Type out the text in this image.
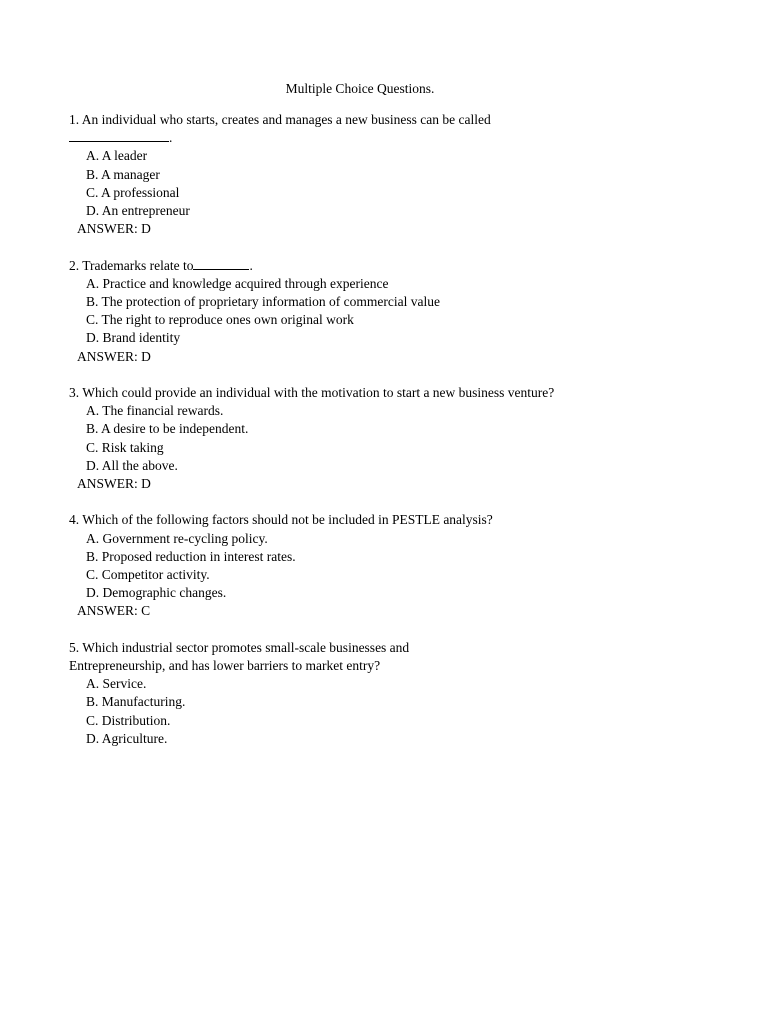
Multiple Choice Questions.
1. An individual who starts, creates and manages a new business can be called
.
A. A leader
B. A manager
C. A professional
D. An entrepreneur
ANSWER: D
2. Trademarks relate to	.
A. Practice and knowledge acquired through experience
B. The protection of proprietary information of commercial value
C. The right to reproduce ones own original work
D. Brand identity
ANSWER: D
3. Which could provide an individual with the motivation to start a new business venture?
A. The financial rewards.
B. A desire to be independent.
C. Risk taking
D. All the above.
ANSWER: D
4. Which of the following factors should not be included in PESTLE analysis?
A. Government re-cycling policy.
B. Proposed reduction in interest rates.
C. Competitor activity.
D. Demographic changes.
ANSWER: C
5. Which industrial sector promotes small-scale businesses and
Entrepreneurship, and has lower barriers to market entry?
A. Service.
B. Manufacturing.
C. Distribution.
D. Agriculture.
